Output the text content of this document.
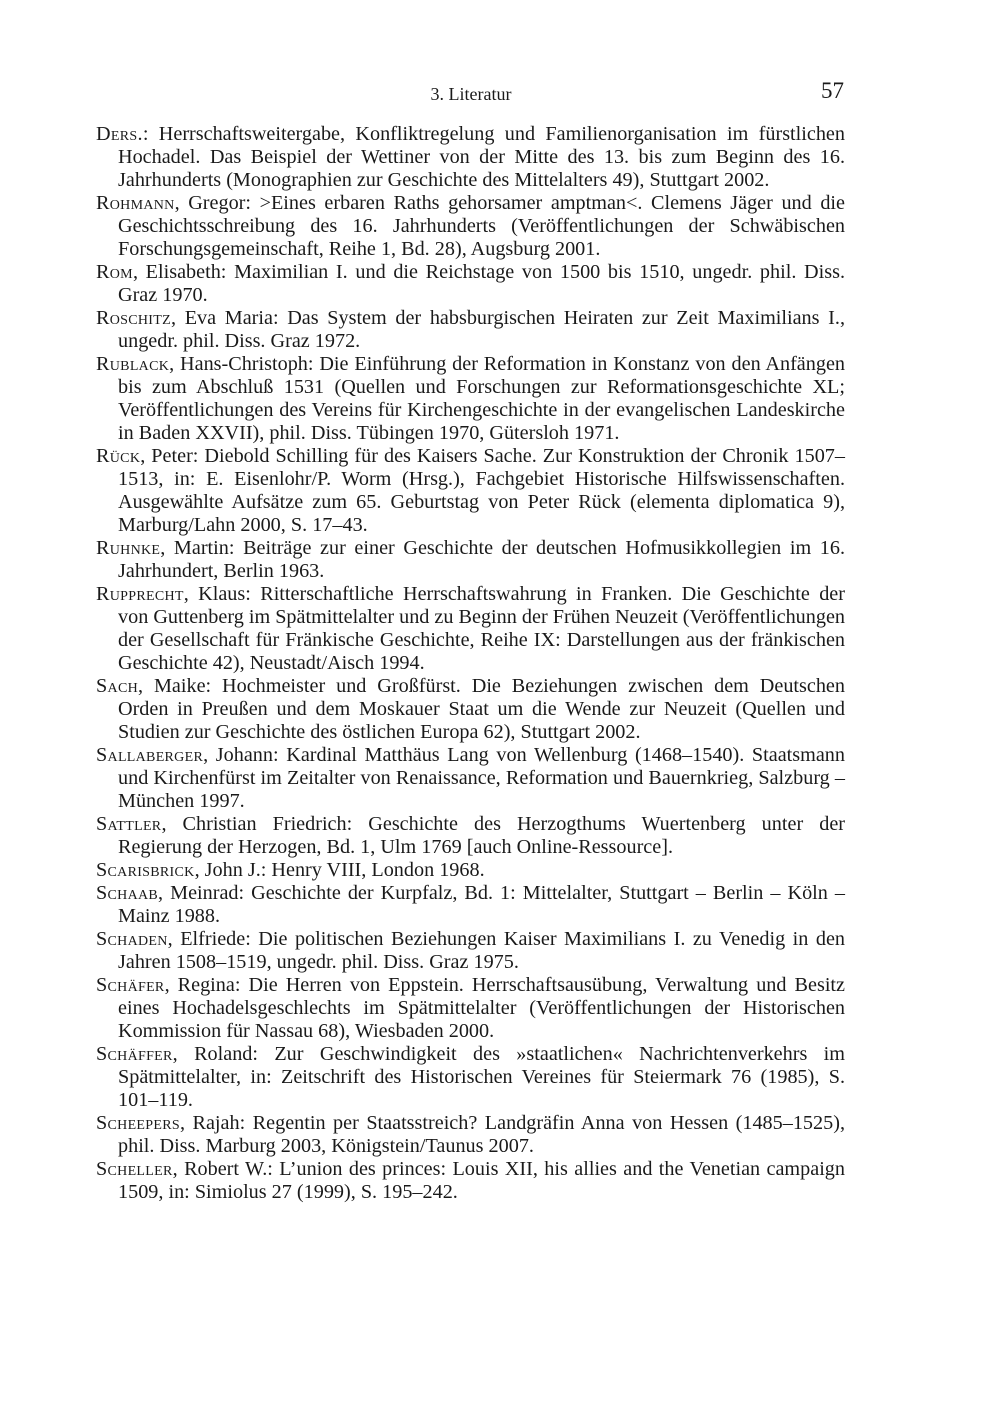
3. Literatur	57
Ders.: Herrschaftsweitergabe, Konfliktregelung und Familienorganisation im fürstlichen Hochadel. Das Beispiel der Wettiner von der Mitte des 13. bis zum Beginn des 16. Jahrhunderts (Monographien zur Geschichte des Mittelalters 49), Stuttgart 2002.
Rohmann, Gregor: >Eines erbaren Raths gehorsamer amptman<. Clemens Jäger und die Geschichtsschreibung des 16. Jahrhunderts (Veröffentlichungen der Schwäbischen Forschungsgemeinschaft, Reihe 1, Bd. 28), Augsburg 2001.
Rom, Elisabeth: Maximilian I. und die Reichstage von 1500 bis 1510, ungedr. phil. Diss. Graz 1970.
Roschitz, Eva Maria: Das System der habsburgischen Heiraten zur Zeit Maximilians I., ungedr. phil. Diss. Graz 1972.
Rublack, Hans-Christoph: Die Einführung der Reformation in Konstanz von den Anfängen bis zum Abschluß 1531 (Quellen und Forschungen zur Reformationsgeschichte XL; Veröffentlichungen des Vereins für Kirchengeschichte in der evangelischen Landeskirche in Baden XXVII), phil. Diss. Tübingen 1970, Gütersloh 1971.
Rück, Peter: Diebold Schilling für des Kaisers Sache. Zur Konstruktion der Chronik 1507–1513, in: E. Eisenlohr/P. Worm (Hrsg.), Fachgebiet Historische Hilfswissenschaften. Ausgewählte Aufsätze zum 65. Geburtstag von Peter Rück (elementa diplomatica 9), Marburg/Lahn 2000, S. 17–43.
Ruhnke, Martin: Beiträge zur einer Geschichte der deutschen Hofmusikkollegien im 16. Jahrhundert, Berlin 1963.
Rupprecht, Klaus: Ritterschaftliche Herrschaftswahrung in Franken. Die Geschichte der von Guttenberg im Spätmittelalter und zu Beginn der Frühen Neuzeit (Veröffentlichungen der Gesellschaft für Fränkische Geschichte, Reihe IX: Darstellungen aus der fränkischen Geschichte 42), Neustadt/Aisch 1994.
Sach, Maike: Hochmeister und Großfürst. Die Beziehungen zwischen dem Deutschen Orden in Preußen und dem Moskauer Staat um die Wende zur Neuzeit (Quellen und Studien zur Geschichte des östlichen Europa 62), Stuttgart 2002.
Sallaberger, Johann: Kardinal Matthäus Lang von Wellenburg (1468–1540). Staatsmann und Kirchenfürst im Zeitalter von Renaissance, Reformation und Bauernkrieg, Salzburg – München 1997.
Sattler, Christian Friedrich: Geschichte des Herzogthums Wuertenberg unter der Regierung der Herzogen, Bd. 1, Ulm 1769 [auch Online-Ressource].
Scarisbrick, John J.: Henry VIII, London 1968.
Schaab, Meinrad: Geschichte der Kurpfalz, Bd. 1: Mittelalter, Stuttgart – Berlin – Köln – Mainz 1988.
Schaden, Elfriede: Die politischen Beziehungen Kaiser Maximilians I. zu Venedig in den Jahren 1508–1519, ungedr. phil. Diss. Graz 1975.
Schäfer, Regina: Die Herren von Eppstein. Herrschaftsausübung, Verwaltung und Besitz eines Hochadelsgeschlechts im Spätmittelalter (Veröffentlichungen der Historischen Kommission für Nassau 68), Wiesbaden 2000.
Schäffer, Roland: Zur Geschwindigkeit des »staatlichen« Nachrichtenverkehrs im Spätmittelalter, in: Zeitschrift des Historischen Vereines für Steiermark 76 (1985), S. 101–119.
Scheepers, Rajah: Regentin per Staatsstreich? Landgräfin Anna von Hessen (1485–1525), phil. Diss. Marburg 2003, Königstein/Taunus 2007.
Scheller, Robert W.: L’union des princes: Louis XII, his allies and the Venetian campaign 1509, in: Simiolus 27 (1999), S. 195–242.
